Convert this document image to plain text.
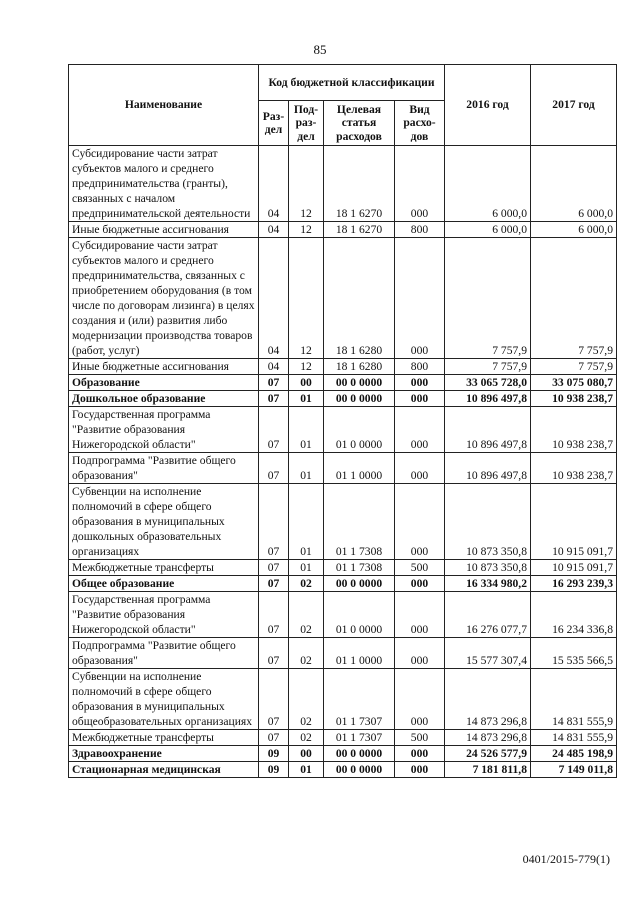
85
Наименование	Код бюджетной классификации				2016 год	2017 год
	Раз-дел	Под-раз-дел	Целевая статья расходов	Вид расхо-дов		
Субсидирование части затрат субъектов малого и среднего предпринимательства (гранты), связанных с началом предпринимательской деятельности	04	12	18 1 6270	000	6 000,0	6 000,0
Иные бюджетные ассигнования	04	12	18 1 6270	800	6 000,0	6 000,0
Субсидирование части затрат субъектов малого и среднего предпринимательства, связанных с приобретением оборудования (в том числе по договорам лизинга) в целях создания и (или) развития либо модернизации производства товаров (работ, услуг)	04	12	18 1 6280	000	7 757,9	7 757,9
Иные бюджетные ассигнования	04	12	18 1 6280	800	7 757,9	7 757,9
Образование	07	00	00 0 0000	000	33 065 728,0	33 075 080,7
Дошкольное образование	07	01	00 0 0000	000	10 896 497,8	10 938 238,7
Государственная программа "Развитие образования Нижегородской области"	07	01	01 0 0000	000	10 896 497,8	10 938 238,7
Подпрограмма "Развитие общего образования"	07	01	01 1 0000	000	10 896 497,8	10 938 238,7
Субвенции на исполнение полномочий в сфере общего образования в муниципальных дошкольных образовательных организациях	07	01	01 1 7308	000	10 873 350,8	10 915 091,7
Межбюджетные трансферты	07	01	01 1 7308	500	10 873 350,8	10 915 091,7
Общее образование	07	02	00 0 0000	000	16 334 980,2	16 293 239,3
Государственная программа "Развитие образования Нижегородской области"	07	02	01 0 0000	000	16 276 077,7	16 234 336,8
Подпрограмма "Развитие общего образования"	07	02	01 1 0000	000	15 577 307,4	15 535 566,5
Субвенции на исполнение полномочий в сфере общего образования в муниципальных общеобразовательных организациях	07	02	01 1 7307	000	14 873 296,8	14 831 555,9
Межбюджетные трансферты	07	02	01 1 7307	500	14 873 296,8	14 831 555,9
Здравоохранение	09	00	00 0 0000	000	24 526 577,9	24 485 198,9
Стационарная медицинская	09	01	00 0 0000	000	7 181 811,8	7 149 011,8
0401/2015-779(1)
